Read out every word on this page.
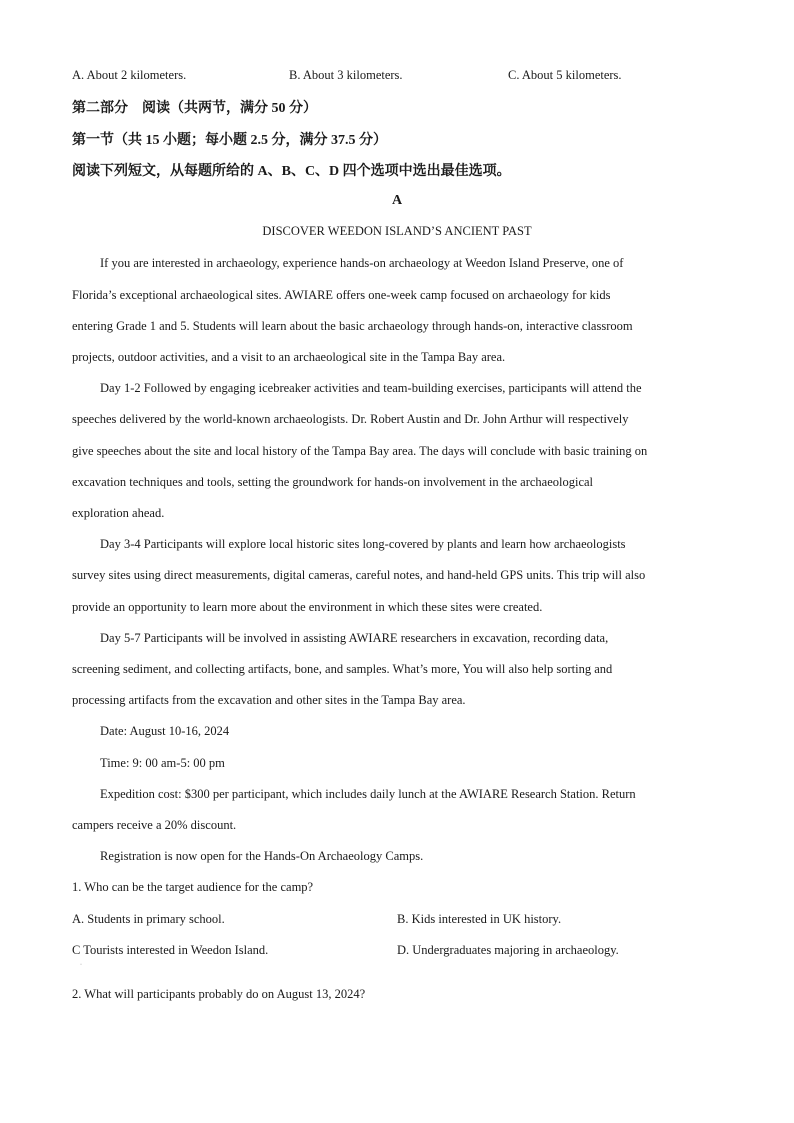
A. About 2 kilometers.	B. About 3 kilometers.	C. About 5 kilometers.
第二部分　阅读（共两节，满分 50 分）
第一节（共 15 小题；每小题 2.5 分，满分 37.5 分）
阅读下列短文，从每题所给的 A、B、C、D 四个选项中选出最佳选项。
A
DISCOVER WEEDON ISLAND’S ANCIENT PAST
If you are interested in archaeology, experience hands-on archaeology at Weedon Island Preserve, one of
Florida’s exceptional archaeological sites. AWIARE offers one-week camp focused on archaeology for kids
entering Grade 1 and 5. Students will learn about the basic archaeology through hands-on, interactive classroom
projects, outdoor activities, and a visit to an archaeological site in the Tampa Bay area.
Day 1-2 Followed by engaging icebreaker activities and team-building exercises, participants will attend the
speeches delivered by the world-known archaeologists. Dr. Robert Austin and Dr. John Arthur will respectively
give speeches about the site and local history of the Tampa Bay area. The days will conclude with basic training on
excavation techniques and tools, setting the groundwork for hands-on involvement in the archaeological
exploration ahead.
Day 3-4 Participants will explore local historic sites long-covered by plants and learn how archaeologists
survey sites using direct measurements, digital cameras, careful notes, and hand-held GPS units. This trip will also
provide an opportunity to learn more about the environment in which these sites were created.
Day 5-7 Participants will be involved in assisting AWIARE researchers in excavation, recording data,
screening sediment, and collecting artifacts, bone, and samples. What’s more, You will also help sorting and
processing artifacts from the excavation and other sites in the Tampa Bay area.
Date: August 10-16, 2024
Time: 9: 00 am-5: 00 pm
Expedition cost: $300 per participant, which includes daily lunch at the AWIARE Research Station. Return
campers receive a 20% discount.
Registration is now open for the Hands-On Archaeology Camps.
1. Who can be the target audience for the camp?
A. Students in primary school.	B. Kids interested in UK history.
C Tourists interested in Weedon Island.	D. Undergraduates majoring in archaeology.
·
2. What will participants probably do on August 13, 2024?
